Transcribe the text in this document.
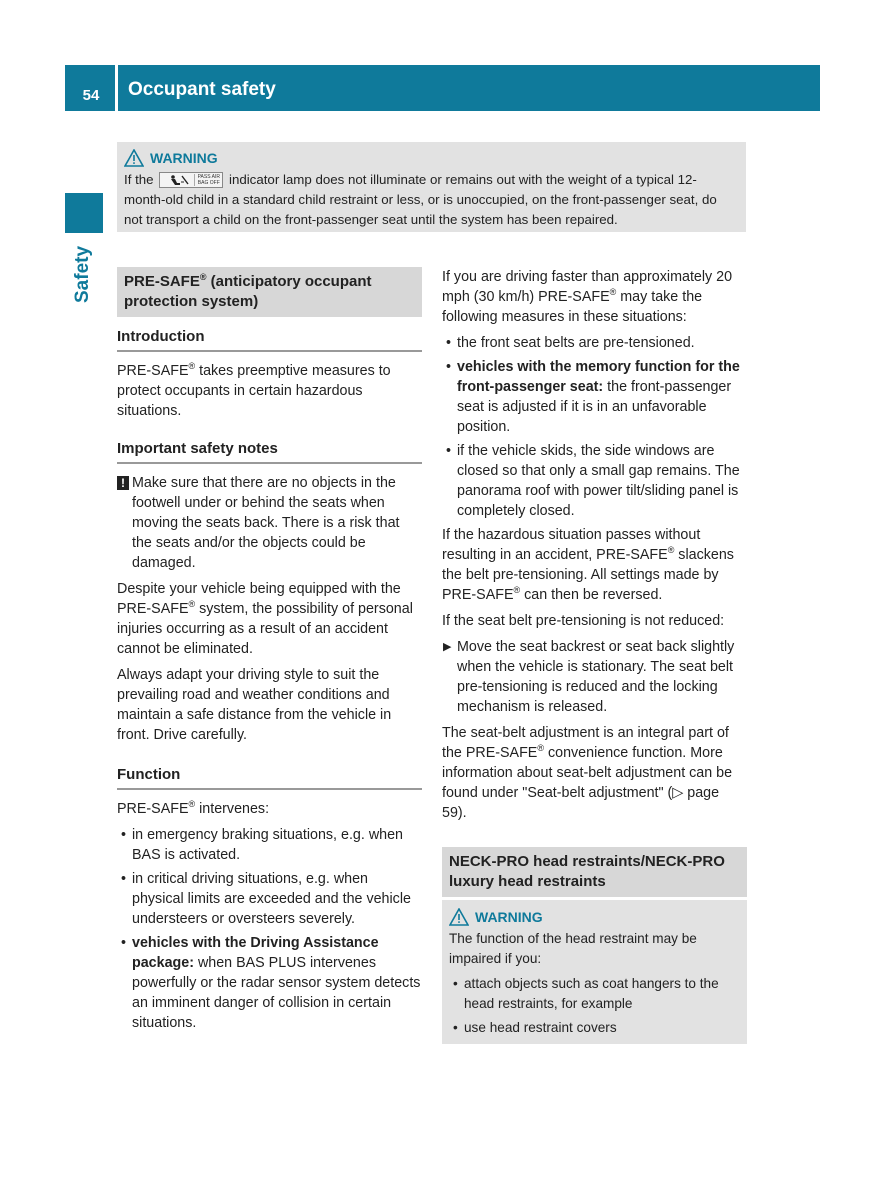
54	Occupant safety
Safety
WARNING
If the	PASS AIR BAG OFF indicator lamp does not illuminate or remains out with the weight of a typical 12-month-old child in a standard child restraint or less, or is unoccupied, on the front-passenger seat, do not transport a child on the front-passenger seat until the system has been repaired.
PRE-SAFE® (anticipatory occupant protection system)
Introduction

PRE-SAFE® takes preemptive measures to protect occupants in certain hazardous situations.

Important safety notes
! Make sure that there are no objects in the footwell under or behind the seats when moving the seats back. There is a risk that the seats and/or the objects could be damaged.

Despite your vehicle being equipped with the PRE-SAFE® system, the possibility of personal injuries occurring as a result of an accident cannot be eliminated.

Always adapt your driving style to suit the prevailing road and weather conditions and maintain a safe distance from the vehicle in front. Drive carefully.

Function

PRE-SAFE® intervenes:

• in emergency braking situations, e.g. when BAS is activated.
• in critical driving situations, e.g. when physical limits are exceeded and the vehicle understeers or oversteers severely.
• vehicles with the Driving Assistance package: when BAS PLUS intervenes powerfully or the radar sensor system detects an imminent danger of collision in certain situations.

If you are driving faster than approximately 20 mph (30 km/h) PRE-SAFE® may take the following measures in these situations:

• the front seat belts are pre-tensioned.
• vehicles with the memory function for the front-passenger seat: the front-passenger seat is adjusted if it is in an unfavorable position.
• if the vehicle skids, the side windows are closed so that only a small gap remains. The panorama roof with power tilt/sliding panel is completely closed.

If the hazardous situation passes without resulting in an accident, PRE-SAFE® slackens the belt pre-tensioning. All settings made by PRE-SAFE® can then be reversed.

If the seat belt pre-tensioning is not reduced:

▶ Move the seat backrest or seat back slightly when the vehicle is stationary. The seat belt pre-tensioning is reduced and the locking mechanism is released.

The seat-belt adjustment is an integral part of the PRE-SAFE® convenience function. More information about seat-belt adjustment can be found under "Seat-belt adjustment" (▷ page 59).

NECK-PRO head restraints/NECK-PRO luxury head restraints
WARNING

The function of the head restraint may be impaired if you:

• attach objects such as coat hangers to the head restraints, for example
• use head restraint covers
